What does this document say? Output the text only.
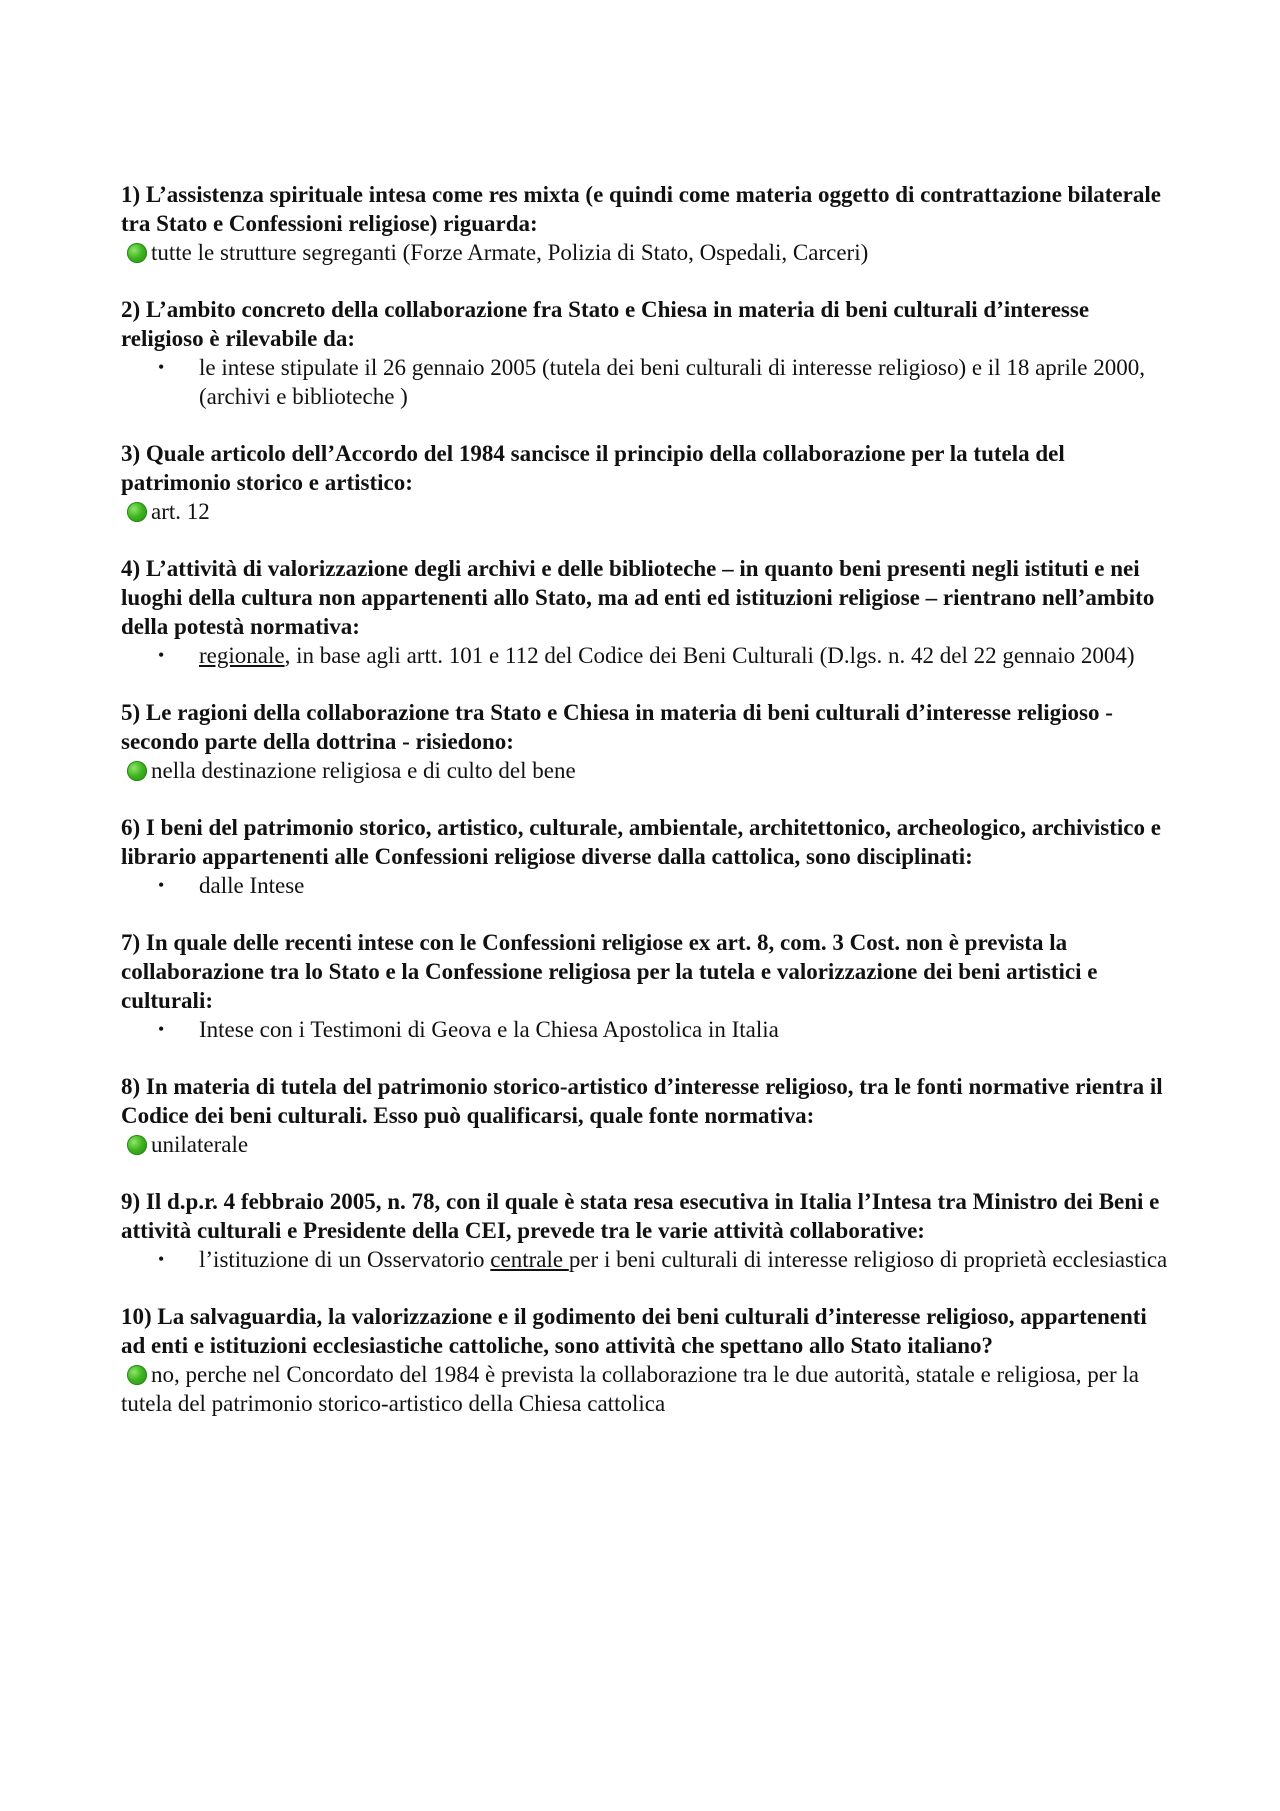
1) L’assistenza spirituale intesa come res mixta (e quindi come materia oggetto di contrattazione bilaterale tra Stato e Confessioni religiose) riguarda:

tutte le strutture segreganti (Forze Armate, Polizia di Stato, Ospedali, Carceri)

2) L’ambito concreto della collaborazione fra Stato e Chiesa in materia di beni culturali d’interesse religioso è rilevabile da:

• le intese stipulate il 26 gennaio 2005 (tutela dei beni culturali di interesse religioso) e il 18 aprile 2000, (archivi e biblioteche )

3) Quale articolo dell’Accordo del 1984 sancisce il principio della collaborazione per la tutela del patrimonio storico e artistico:

art. 12

4) L’attività di valorizzazione degli archivi e delle biblioteche – in quanto beni presenti negli istituti e nei luoghi della cultura non appartenenti allo Stato, ma ad enti ed istituzioni religiose – rientrano nell’ambito della potestà normativa:

• regionale, in base agli artt. 101 e 112 del Codice dei Beni Culturali (D.lgs. n. 42 del 22 gennaio 2004)

5) Le ragioni della collaborazione tra Stato e Chiesa in materia di beni culturali d’interesse religioso - secondo parte della dottrina - risiedono:

nella destinazione religiosa e di culto del bene

6) I beni del patrimonio storico, artistico, culturale, ambientale, architettonico, archeologico, archivistico e librario appartenenti alle Confessioni religiose diverse dalla cattolica, sono disciplinati:

• dalle Intese

7) In quale delle recenti intese con le Confessioni religiose ex art. 8, com. 3 Cost. non è prevista la collaborazione tra lo Stato e la Confessione religiosa per la tutela e valorizzazione dei beni artistici e culturali:

• Intese con i Testimoni di Geova e la Chiesa Apostolica in Italia

8) In materia di tutela del patrimonio storico-artistico d’interesse religioso, tra le fonti normative rientra il Codice dei beni culturali. Esso può qualificarsi, quale fonte normativa:

unilaterale

9) Il d.p.r. 4 febbraio 2005, n. 78, con il quale è stata resa esecutiva in Italia l’Intesa tra Ministro dei Beni e attività culturali e Presidente della CEI, prevede tra le varie attività collaborative:

• l’istituzione di un Osservatorio centrale per i beni culturali di interesse religioso di proprietà ecclesiastica

10) La salvaguardia, la valorizzazione e il godimento dei beni culturali d’interesse religioso, appartenenti ad enti e istituzioni ecclesiastiche cattoliche, sono attività che spettano allo Stato italiano?

no, perche nel Concordato del 1984 è prevista la collaborazione tra le due autorità, statale e religiosa, per la tutela del patrimonio storico-artistico della Chiesa cattolica
